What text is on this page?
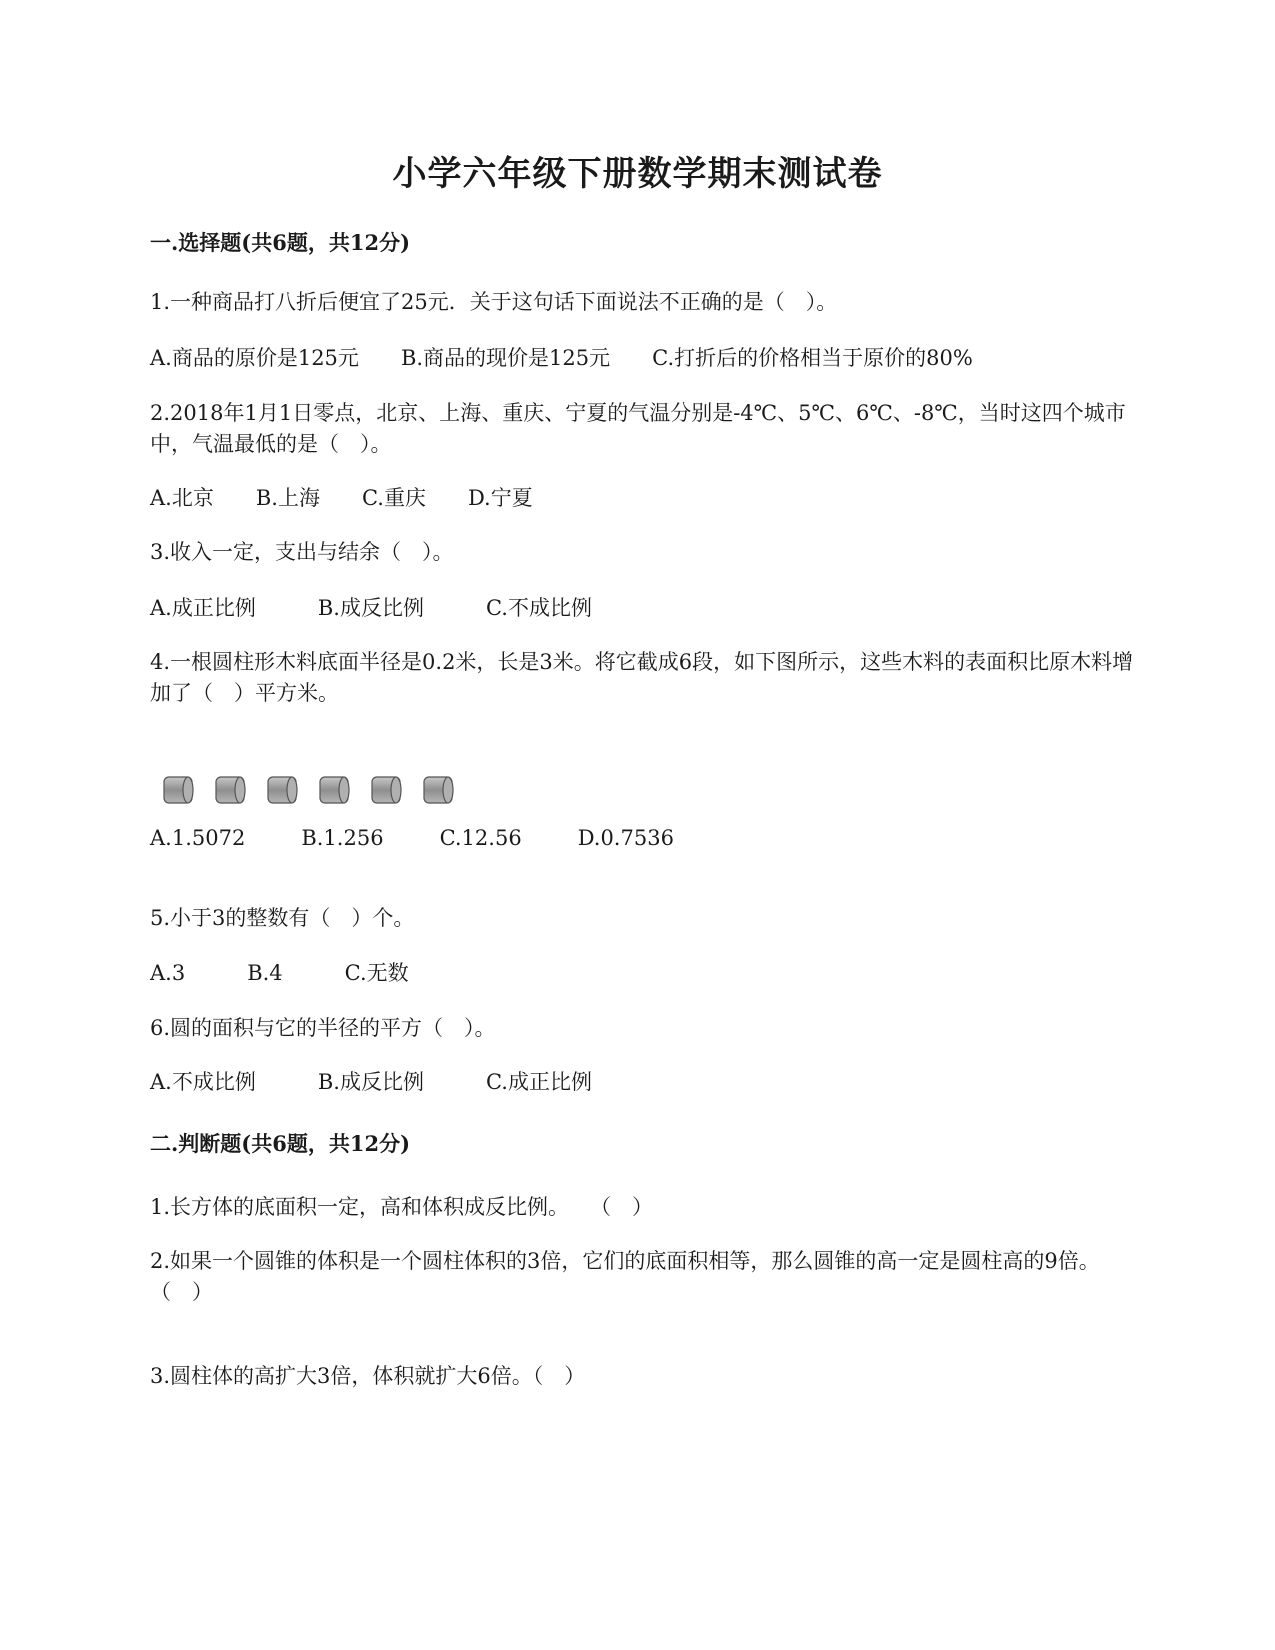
小学六年级下册数学期末测试卷
一.选择题(共6题，共12分)
1.一种商品打八折后便宜了25元．关于这句话下面说法不正确的是（　）。
A.商品的原价是125元 B.商品的现价是125元 C.打折后的价格相当于原价的80%
2.2018年1月1日零点，北京、上海、重庆、宁夏的气温分别是-4℃、5℃、6℃、-8℃，当时这四个城市中，气温最低的是（　）。
A.北京 B.上海 C.重庆 D.宁夏
3.收入一定，支出与结余（　）。
A.成正比例	B.成反比例	C.不成比例
4.一根圆柱形木料底面半径是0.2米，长是3米。将它截成6段，如下图所示，这些木料的表面积比原木料增加了（　）平方米。
A.1.5072	B.1.256	C.12.56	D.0.7536
5.小于3的整数有（　）个。
A.3	B.4	C.无数
6.圆的面积与它的半径的平方（　）。
A.不成比例	B.成反比例	C.成正比例
二.判断题(共6题，共12分)
1.长方体的底面积一定，高和体积成反比例。　　（　）
2.如果一个圆锥的体积是一个圆柱体积的3倍，它们的底面积相等，那么圆锥的高一定是圆柱高的9倍。（　）
3.圆柱体的高扩大3倍，体积就扩大6倍。（　）
